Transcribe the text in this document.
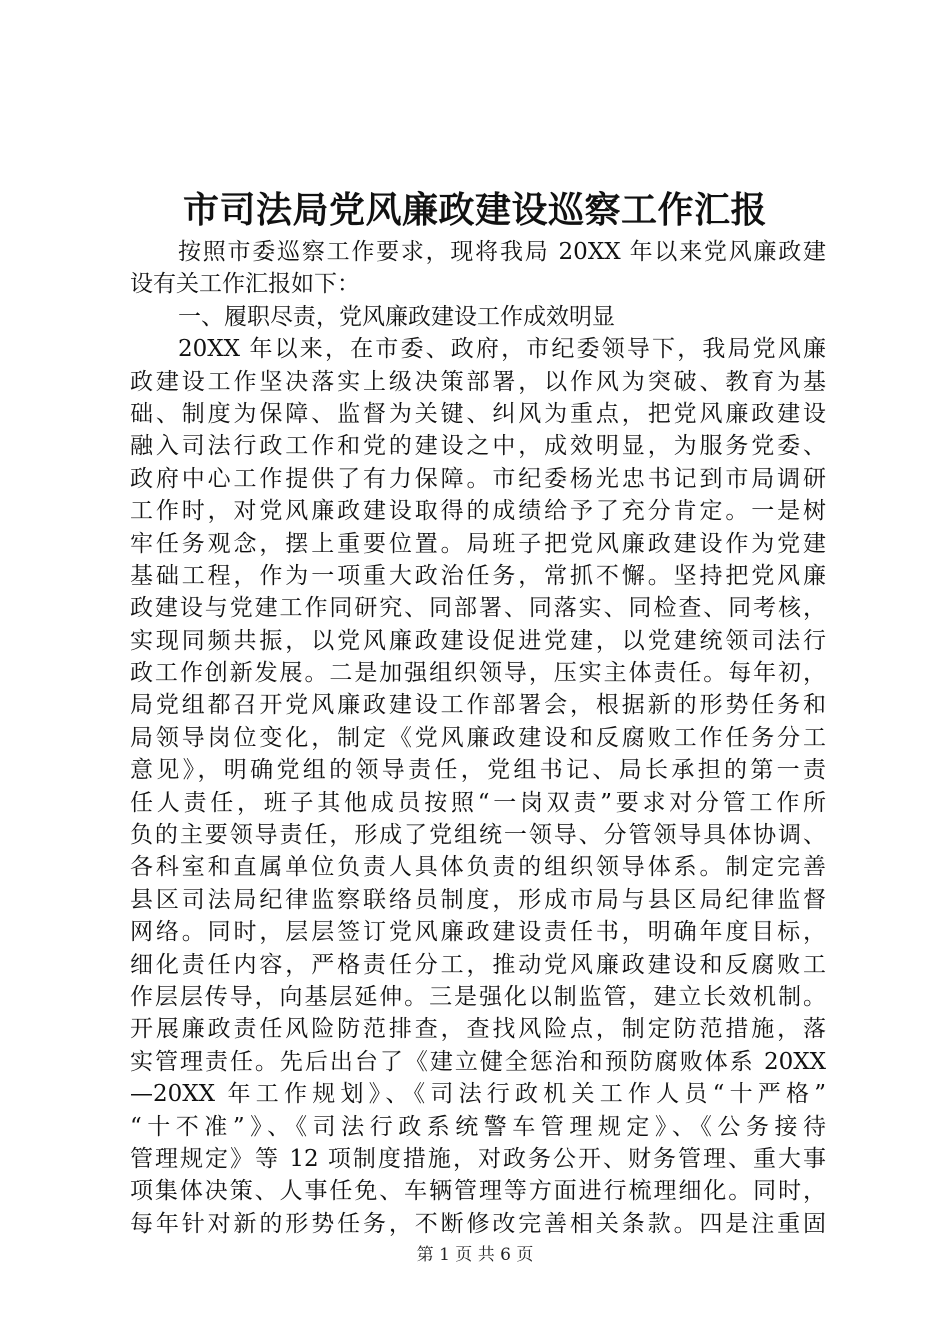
市司法局党风廉政建设巡察工作汇报
按照市委巡察工作要求，现将我局 20XX 年以来党风廉政建
设有关工作汇报如下：
一、履职尽责，党风廉政建设工作成效明显
20XX 年以来，在市委、政府，市纪委领导下，我局党风廉
政建设工作坚决落实上级决策部署，以作风为突破、教育为基
础、制度为保障、监督为关键、纠风为重点，把党风廉政建设
融入司法行政工作和党的建设之中，成效明显，为服务党委、
政府中心工作提供了有力保障。市纪委杨光忠书记到市局调研
工作时，对党风廉政建设取得的成绩给予了充分肯定。一是树
牢任务观念，摆上重要位置。局班子把党风廉政建设作为党建
基础工程，作为一项重大政治任务，常抓不懈。坚持把党风廉
政建设与党建工作同研究、同部署、同落实、同检查、同考核，
实现同频共振，以党风廉政建设促进党建，以党建统领司法行
政工作创新发展。二是加强组织领导，压实主体责任。每年初，
局党组都召开党风廉政建设工作部署会，根据新的形势任务和
局领导岗位变化，制定《党风廉政建设和反腐败工作任务分工
意见》，明确党组的领导责任，党组书记、局长承担的第一责
任人责任，班子其他成员按照“一岗双责”要求对分管工作所
负的主要领导责任，形成了党组统一领导、分管领导具体协调、
各科室和直属单位负责人具体负责的组织领导体系。制定完善
县区司法局纪律监察联络员制度，形成市局与县区局纪律监督
网络。同时，层层签订党风廉政建设责任书，明确年度目标，
细化责任内容，严格责任分工，推动党风廉政建设和反腐败工
作层层传导，向基层延伸。三是强化以制监管，建立长效机制。
开展廉政责任风险防范排查，查找风险点，制定防范措施，落
实管理责任。先后出台了《建立健全惩治和预防腐败体系 20XX
—20XX 年工作规划》、《司法行政机关工作人员“十严格”
“十不准”》、《司法行政系统警车管理规定》、《公务接待
管理规定》等 12 项制度措施，对政务公开、财务管理、重大事
项集体决策、人事任免、车辆管理等方面进行梳理细化。同时，
每年针对新的形势任务，不断修改完善相关条款。四是注重固
第 1 页 共 6 页
